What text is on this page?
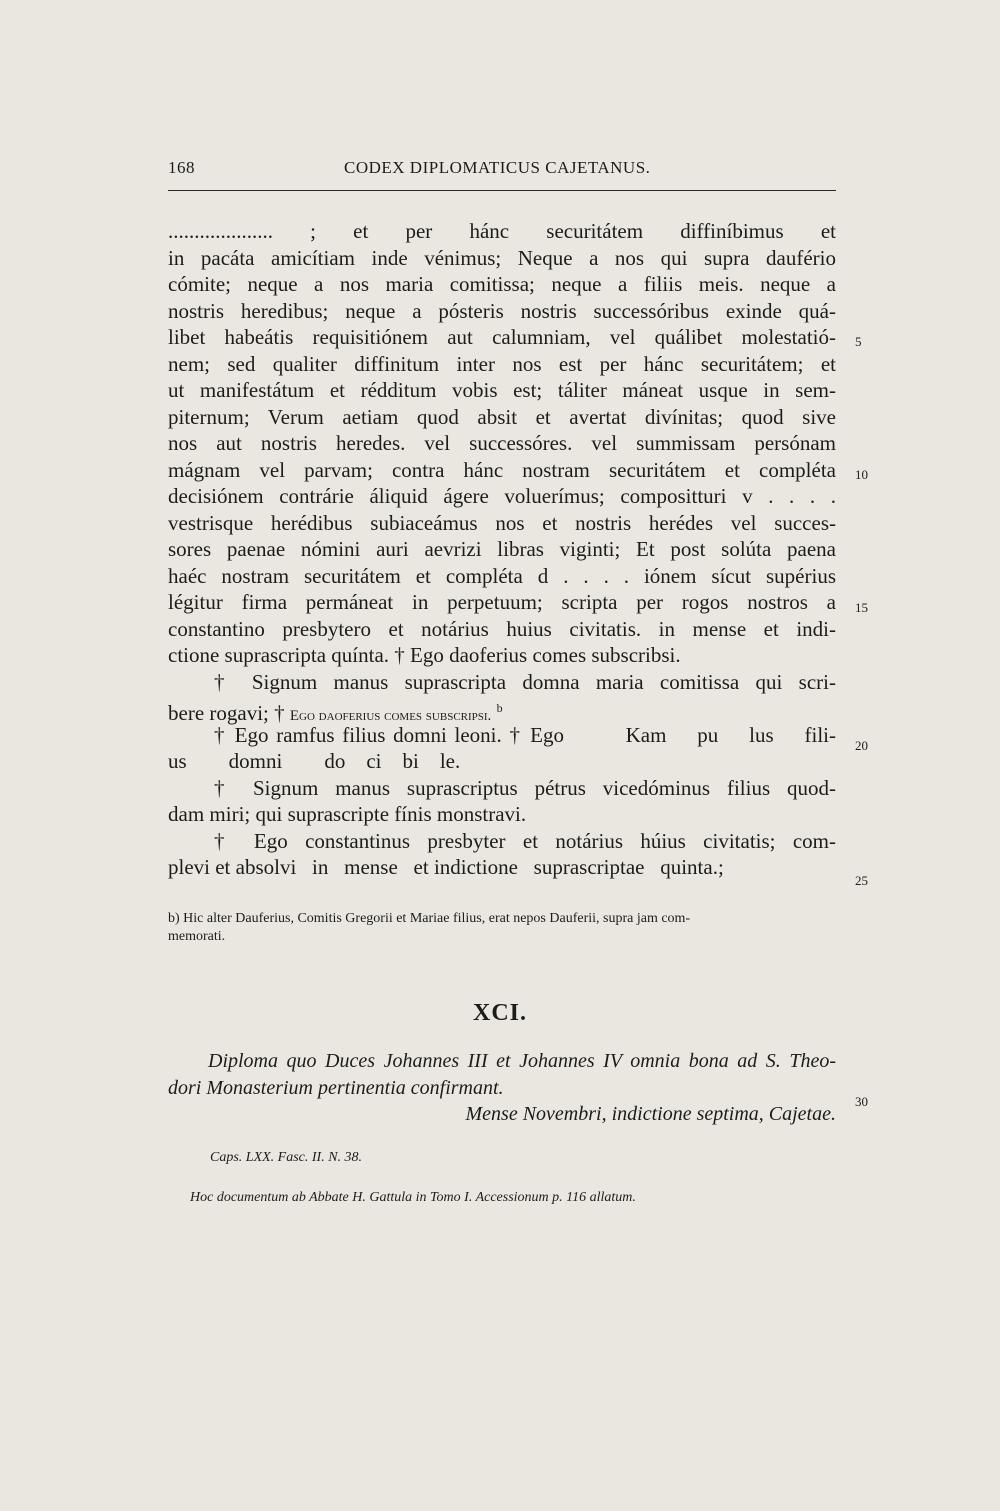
168	CODEX DIPLOMATICUS CAJETANUS.
.................... ; et per hánc securitátem diffiníbimus et
in pacáta amicítiam inde vénimus; Neque a nos qui supra daufério
cómite; neque a nos maria comitissa; neque a filiis meis. neque a
nostris heredibus; neque a pósteris nostris successóribus exinde quá-
libet habeátis requisitiónem aut calumniam, vel quálibet molestatió-
nem; sed qualiter diffinitum inter nos est per hánc securitátem; et
ut manifestátum et rédditum vobis est; táliter máneat usque in sem-
piternum; Verum aetiam quod absit et avertat divínitas; quod sive
nos aut nostris heredes. vel successóres. vel summissam persónam
mágnam vel parvam; contra hánc nostram securitátem et compléta
decisiónem contrárie áliquid ágere voluerímus; compositturi v . . . .
vestrisque herédibus subiaceámus nos et nostris herédes vel succes-
sores paenae nómini auri aevrizi libras viginti; Et post solúta paena
haéc nostram securitátem et compléta d . . . . iónem sícut supérius
légitur firma permáneat in perpetuum; scripta per rogos nostros a
constantino presbytero et notárius huius civitatis. in mense et indi-
ctione suprascripta quínta. † Ego daoferius comes subscribsi.
† Signum manus suprascripta domna maria comitissa qui scri-
bere rogavi; † Ego daoferius comes subscripsi. $^b$
† Ego ramfus filius domni leoni. † Ego        Kam    pu    lus    fili-
us        domni        do    ci    bi    le.
† Signum manus suprascriptus pétrus vicedóminus filius quod-
dam miri; qui suprascripte fínis monstravi.
† Ego constantinus presbyter et notárius húius civitatis; com-
plevi et absolvi   in   mense   et indictione   suprascriptae   quinta.;
5
10
15
20
25
30
b) Hic alter Dauferius, Comitis Gregorii et Mariae filius, erat nepos Dauferii, supra jam com-
memorati.
XCI.
Diploma quo Duces Johannes III et Johannes IV omnia bona ad S. Theo-
dori Monasterium pertinentia confirmant.
Mense Novembri, indictione septima, Cajetae.
Caps. LXX. Fasc. II. N. 38.
Hoc documentum ab Abbate H. Gattula in Tomo I. Accessionum p. 116 allatum.
